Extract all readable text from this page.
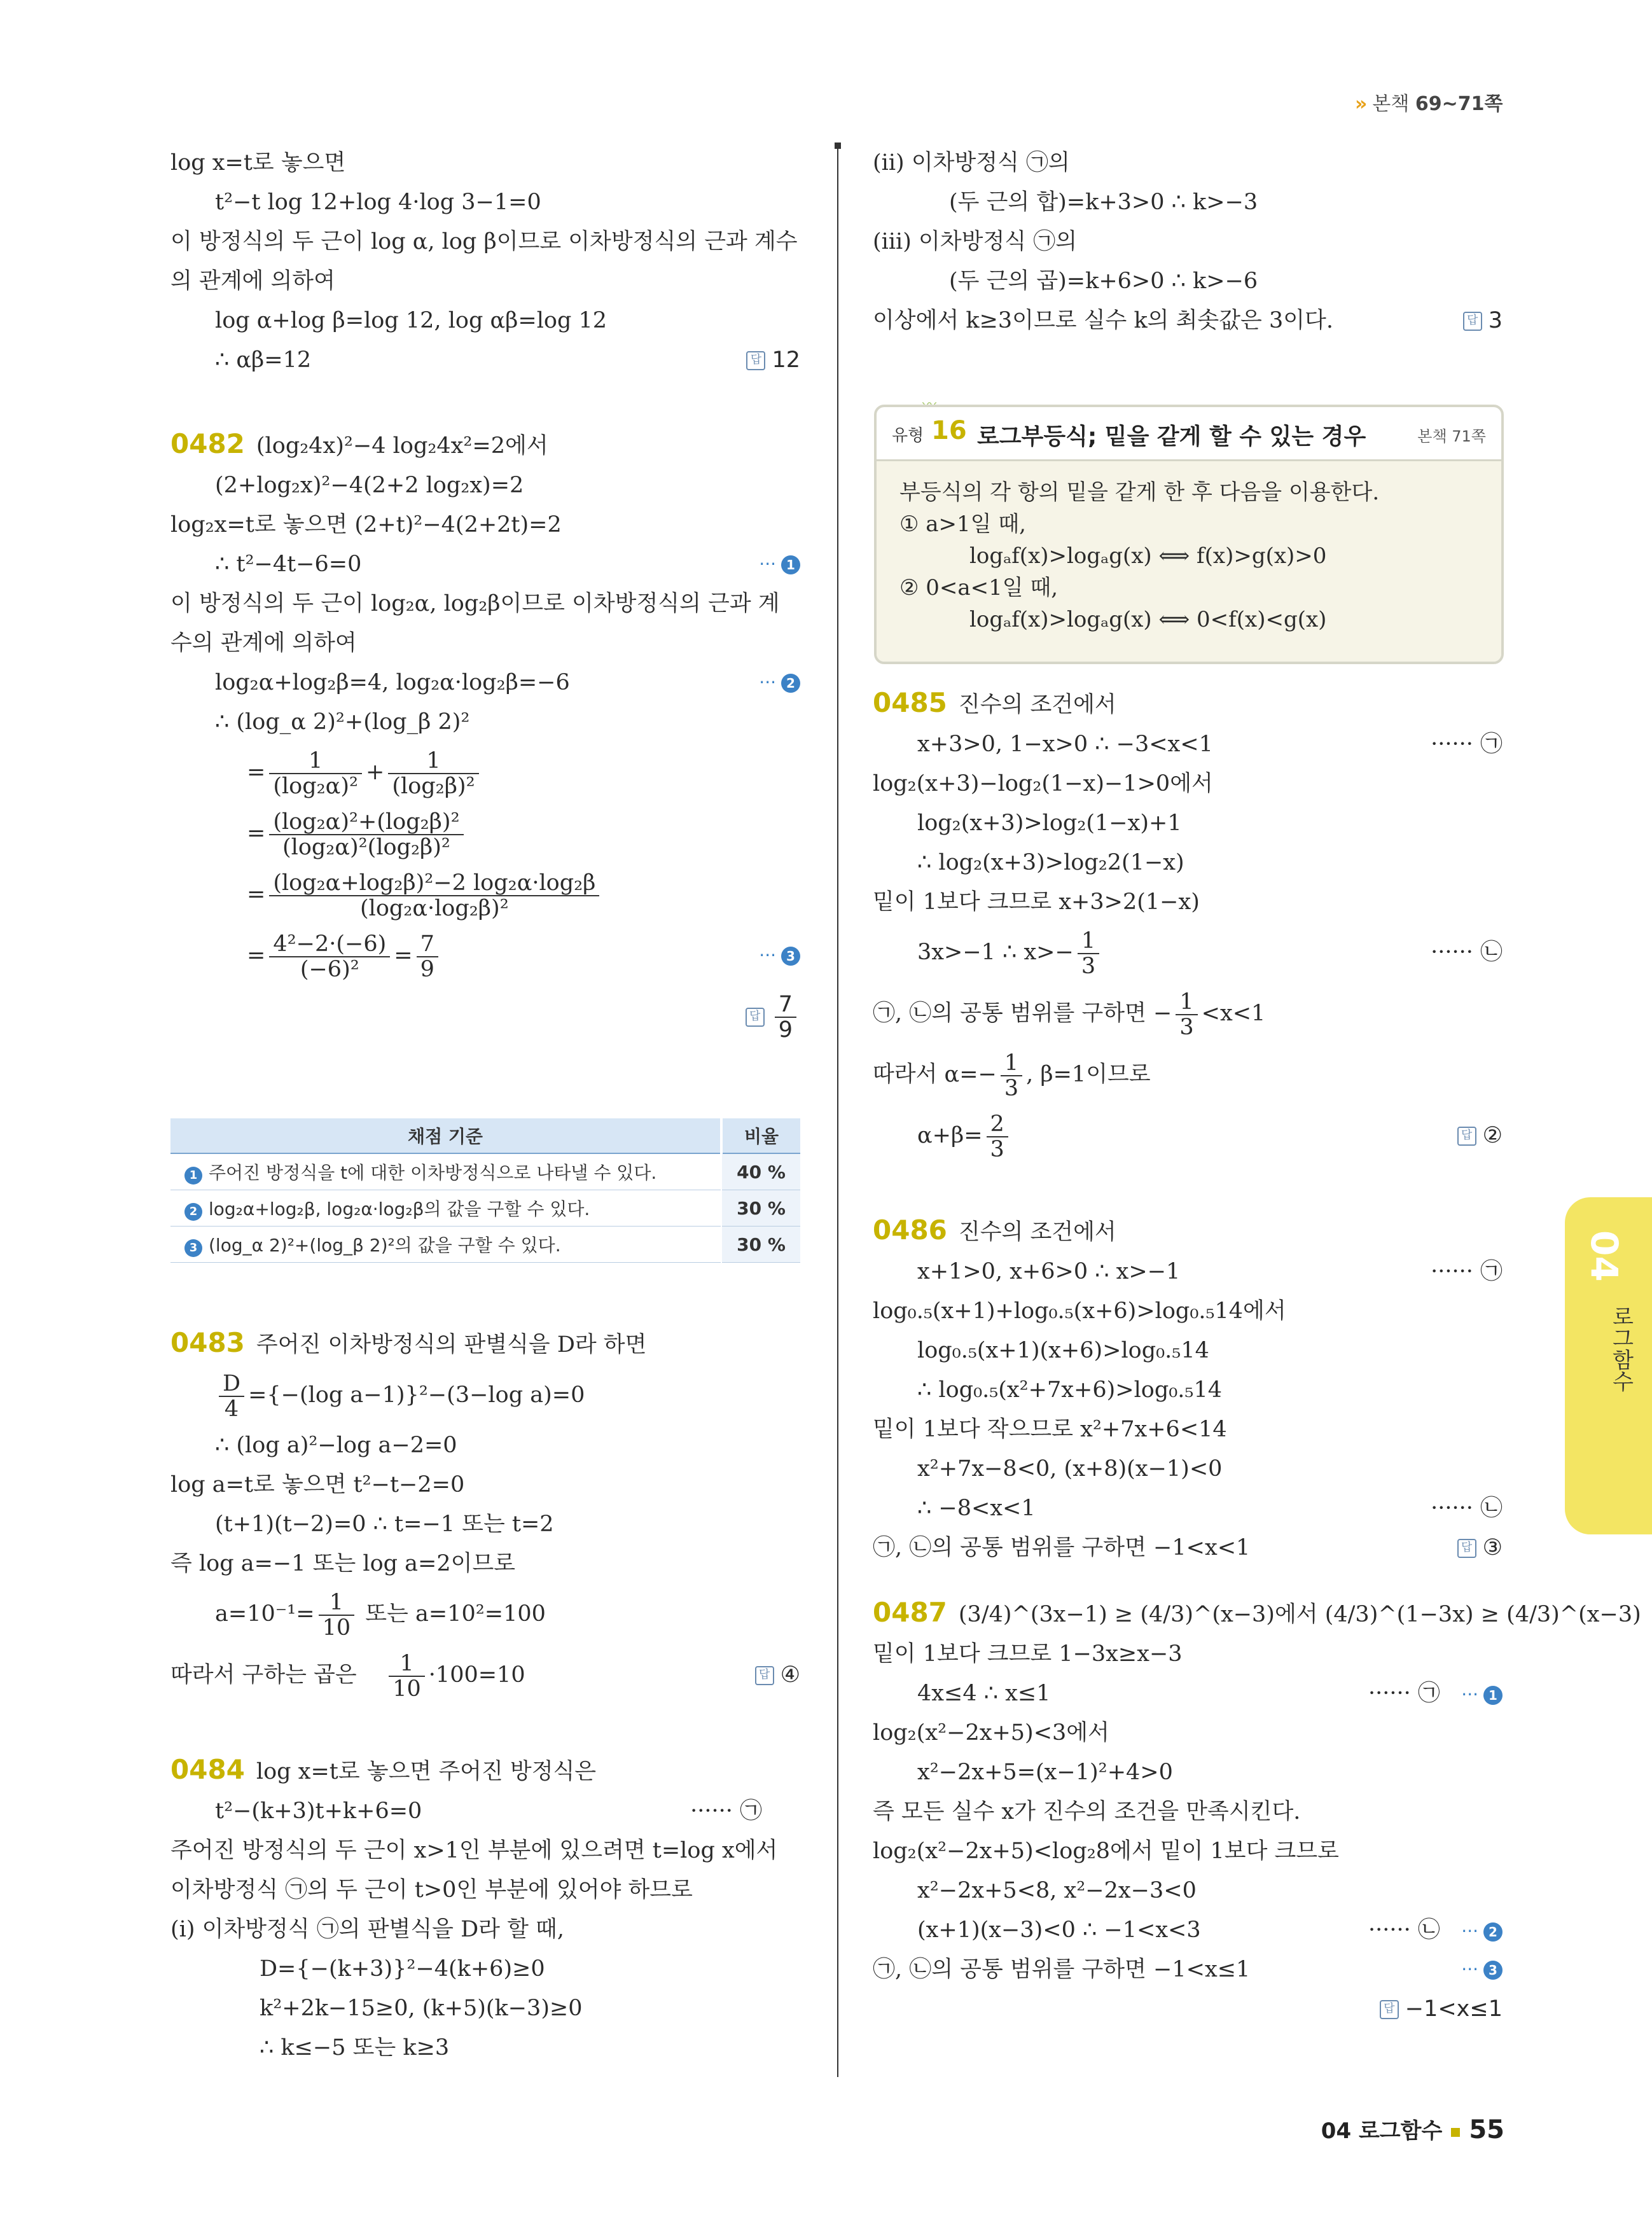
» 본책 69~71쪽
log x=t로 놓으면
t²−t log 12+log 4·log 3−1=0
이 방정식의 두 근이 log α, log β이므로 이차방정식의 근과 계수
의 관계에 의하여
log α+log β=log 12, log αβ=log 12
∴ αβ=12	답 12
0482 (log₂4x)²−4 log₂4x²=2에서
(2+log₂x)²−4(2+2 log₂x)=2
log₂x=t로 놓으면 (2+t)²−4(2+2t)=2
∴ t²−4t−6=0	··· 1
이 방정식의 두 근이 log₂α, log₂β이므로 이차방정식의 근과 계
수의 관계에 의하여
log₂α+log₂β=4, log₂α·log₂β=−6	··· 2
∴ (log_α 2)²+(log_β 2)²
= $\frac{1}{\text{(log₂α)²}} + \frac{1}{\text{(log₂β)²}}$
= $\frac{\text{(log₂α)²+(log₂β)²}}{\text{(log₂α)²(log₂β)²}}$
= $\frac{\text{(log₂α+log₂β)²−2 log₂α·log₂β}}{\text{(log₂α·log₂β)²}}$
= $\frac{\text{4²−2·(−6)}}{\text{(−6)²}} = \frac{7}{9}$	··· 3
답 $\frac{7}{9}$
채점 기준	비율
1 주어진 방정식을 t에 대한 이차방정식으로 나타낼 수 있다.	40 %
2 log₂α+log₂β, log₂α·log₂β의 값을 구할 수 있다.	30 %
3 (log_α 2)²+(log_β 2)²의 값을 구할 수 있다.	30 %
0483 주어진 이차방정식의 판별식을 D라 하면
$\frac{D}{4} =\{-(\log$ a−1)}²−(3−log a)=0
∴ (log a)²−log a−2=0
log a=t로 놓으면 t²−t−2=0
(t+1)(t−2)=0 ∴ t=−1 또는 t=2
즉 log a=−1 또는 log a=2이므로
$a=10^{-1}= \frac{1}{10}$ 또는 a=10²=100
따라서 구하는 곱은 $\frac{1}{10} \cdot 100=10$	답 ④
0484 log x=t로 놓으면 주어진 방정식은
t²−(k+3)t+k+6=0	······ ㉠
주어진 방정식의 두 근이 x>1인 부분에 있으려면 t=log x에서
이차방정식 ㉠의 두 근이 t>0인 부분에 있어야 하므로
(i) 이차방정식 ㉠의 판별식을 D라 할 때,
D={−(k+3)}²−4(k+6)≥0
k²+2k−15≥0, (k+5)(k−3)≥0
∴ k≤−5 또는 k≥3
(ii) 이차방정식 ㉠의
(두 근의 합)=k+3>0 ∴ k>−3
(iii) 이차방정식 ㉠의
(두 근의 곱)=k+6>0 ∴ k>−6
이상에서 k≥3이므로 실수 k의 최솟값은 3이다.	답 3
유형 16 로그부등식; 밑을 같게 할 수 있는 경우	본책 71쪽
부등식의 각 항의 밑을 같게 한 후 다음을 이용한다.
① a>1일 때,
logₐf(x)>logₐg(x) ⟺ f(x)>g(x)>0
② 0<a<1일 때,
logₐf(x)>logₐg(x) ⟺ 0<f(x)<g(x)
0485 진수의 조건에서
x+3>0, 1−x>0 ∴ −3<x<1	······ ㉠
log₂(x+3)−log₂(1−x)−1>0에서
log₂(x+3)>log₂(1−x)+1
∴ log₂(x+3)>log₂2(1−x)
밑이 1보다 크므로 x+3>2(1−x)
3x>−1 ∴ $x>- \frac{1}{3}$	······ ㉡
㉠, ㉡의 공통 범위를 구하면 − $\frac{1}{3} <x<1$
따라서 $\alpha=- \frac{1}{3}$ , β=1이므로
$\alpha+\beta= \frac{2}{3}$	답 ②
0486 진수의 조건에서
x+1>0, x+6>0 ∴ x>−1	······ ㉠
log₀.₅(x+1)+log₀.₅(x+6)>log₀.₅14에서
log₀.₅(x+1)(x+6)>log₀.₅14
∴ log₀.₅(x²+7x+6)>log₀.₅14
밑이 1보다 작으므로 x²+7x+6<14
x²+7x−8<0, (x+8)(x−1)<0
∴ −8<x<1	······ ㉡
㉠, ㉡의 공통 범위를 구하면 −1<x<1	답 ③
0487 (3/4)^(3x−1) ≥ (4/3)^(x−3)에서 (4/3)^(1−3x) ≥ (4/3)^(x−3)
밑이 1보다 크므로 1−3x≥x−3
4x≤4 ∴ x≤1	······ ㉠ ··· 1
log₂(x²−2x+5)<3에서
x²−2x+5=(x−1)²+4>0
즉 모든 실수 x가 진수의 조건을 만족시킨다.
log₂(x²−2x+5)<log₂8에서 밑이 1보다 크므로
x²−2x+5<8, x²−2x−3<0
(x+1)(x−3)<0 ∴ −1<x<3	······ ㉡ ··· 2
㉠, ㉡의 공통 범위를 구하면 −1<x≤1	··· 3
답 −1<x≤1
04
로그함수
04 로그함수 55
